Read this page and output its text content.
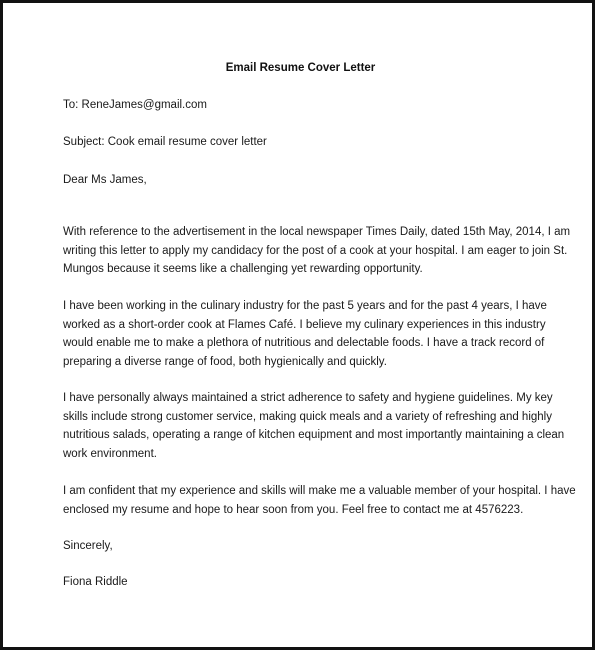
Email Resume Cover Letter
To: ReneJames@gmail.com
Subject: Cook email resume cover letter
Dear Ms James,
With reference to the advertisement in the local newspaper Times Daily, dated 15th May, 2014, I am
writing this letter to apply my candidacy for the post of a cook at your hospital. I am eager to join St.
Mungos because it seems like a challenging yet rewarding opportunity.
I have been working in the culinary industry for the past 5 years and for the past 4 years, I have
worked as a short-order cook at Flames Café. I believe my culinary experiences in this industry
would enable me to make a plethora of nutritious and delectable foods. I have a track record of
preparing a diverse range of food, both hygienically and quickly.
I have personally always maintained a strict adherence to safety and hygiene guidelines. My key
skills include strong customer service, making quick meals and a variety of refreshing and highly
nutritious salads, operating a range of kitchen equipment and most importantly maintaining a clean
work environment.
I am confident that my experience and skills will make me a valuable member of your hospital. I have
enclosed my resume and hope to hear soon from you. Feel free to contact me at 4576223.
Sincerely,
Fiona Riddle
